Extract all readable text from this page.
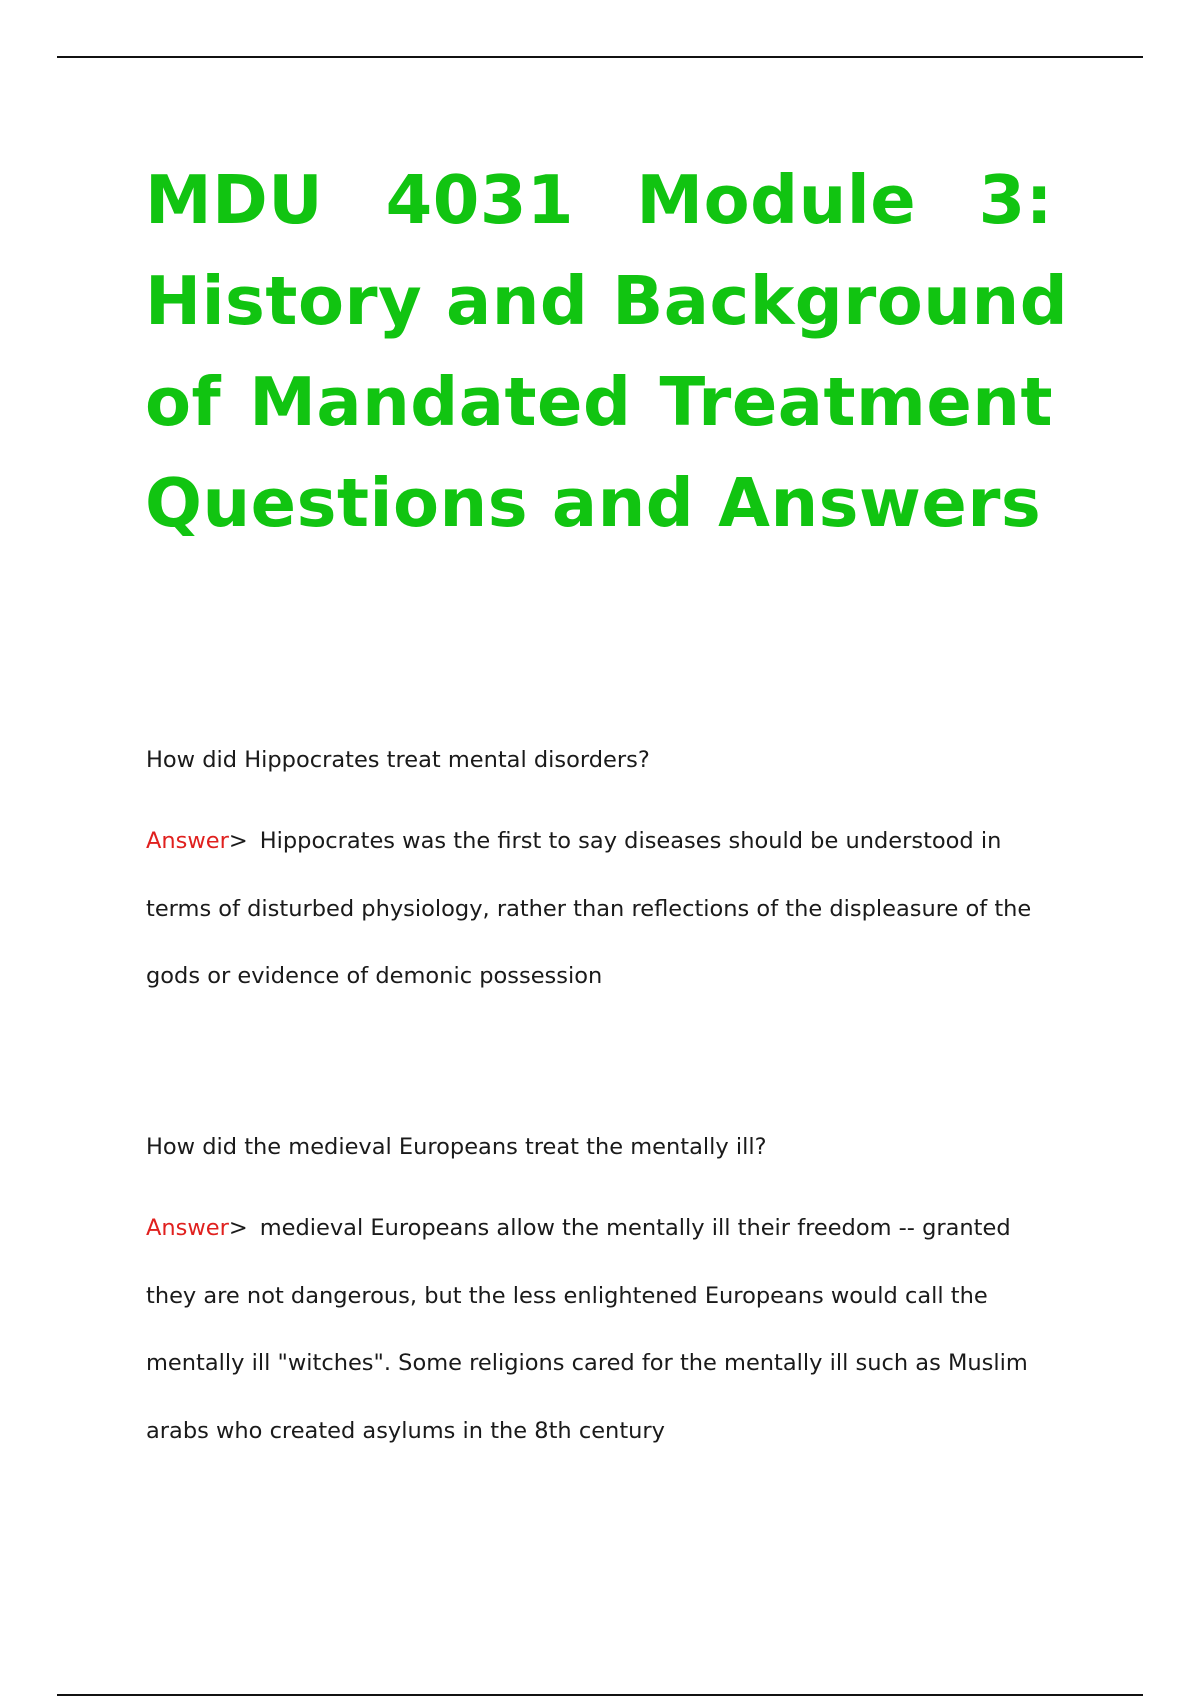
MDU 4031 Module 3:
History and Background
of Mandated Treatment
Questions and Answers

How did Hippocrates treat mental disorders?

Answer> Hippocrates was the first to say diseases should be understood in
terms of disturbed physiology, rather than reflections of the displeasure of the
gods or evidence of demonic possession

How did the medieval Europeans treat the mentally ill?

Answer> medieval Europeans allow the mentally ill their freedom -- granted
they are not dangerous, but the less enlightened Europeans would call the
mentally ill "witches". Some religions cared for the mentally ill such as Muslim
arabs who created asylums in the 8th century
